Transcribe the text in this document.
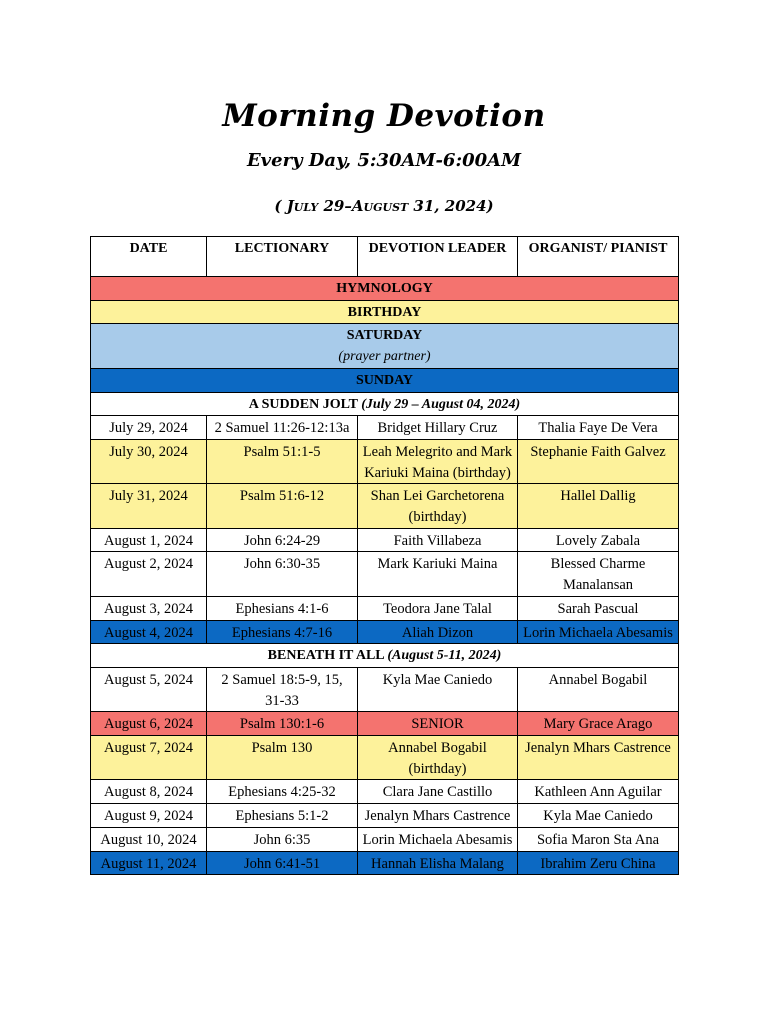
Morning Devotion
Every Day, 5:30AM-6:00AM
( July 29–August 31, 2024)
DATE	LECTIONARY	DEVOTION LEADER	ORGANIST/ PIANIST
HYMNOLOGY			
BIRTHDAY			
SATURDAY
(prayer partner)			
SUNDAY			
A SUDDEN JOLT (July 29 – August 04, 2024)			
July 29, 2024	2 Samuel 11:26-12:13a	Bridget Hillary Cruz	Thalia Faye De Vera
July 30, 2024	Psalm 51:1-5	Leah Melegrito and Mark Kariuki Maina (birthday)	Stephanie Faith Galvez
July 31, 2024	Psalm 51:6-12	Shan Lei Garchetorena (birthday)	Hallel Dallig
August 1, 2024	John 6:24-29	Faith Villabeza	Lovely Zabala
August 2, 2024	John 6:30-35	Mark Kariuki Maina	Blessed Charme Manalansan
August 3, 2024	Ephesians 4:1-6	Teodora Jane Talal	Sarah Pascual
August 4, 2024	Ephesians 4:7-16	Aliah Dizon	Lorin Michaela Abesamis
BENEATH IT ALL (August 5-11, 2024)			
August 5, 2024	2 Samuel 18:5-9, 15, 31-33	Kyla Mae Caniedo	Annabel Bogabil
August 6, 2024	Psalm 130:1-6	SENIOR	Mary Grace Arago
August 7, 2024	Psalm 130	Annabel Bogabil (birthday)	Jenalyn Mhars Castrence
August 8, 2024	Ephesians 4:25-32	Clara Jane Castillo	Kathleen Ann Aguilar
August 9, 2024	Ephesians 5:1-2	Jenalyn Mhars Castrence	Kyla Mae Caniedo
August 10, 2024	John 6:35	Lorin Michaela Abesamis	Sofia Maron Sta Ana
August 11, 2024	John 6:41-51	Hannah Elisha Malang	Ibrahim Zeru China
